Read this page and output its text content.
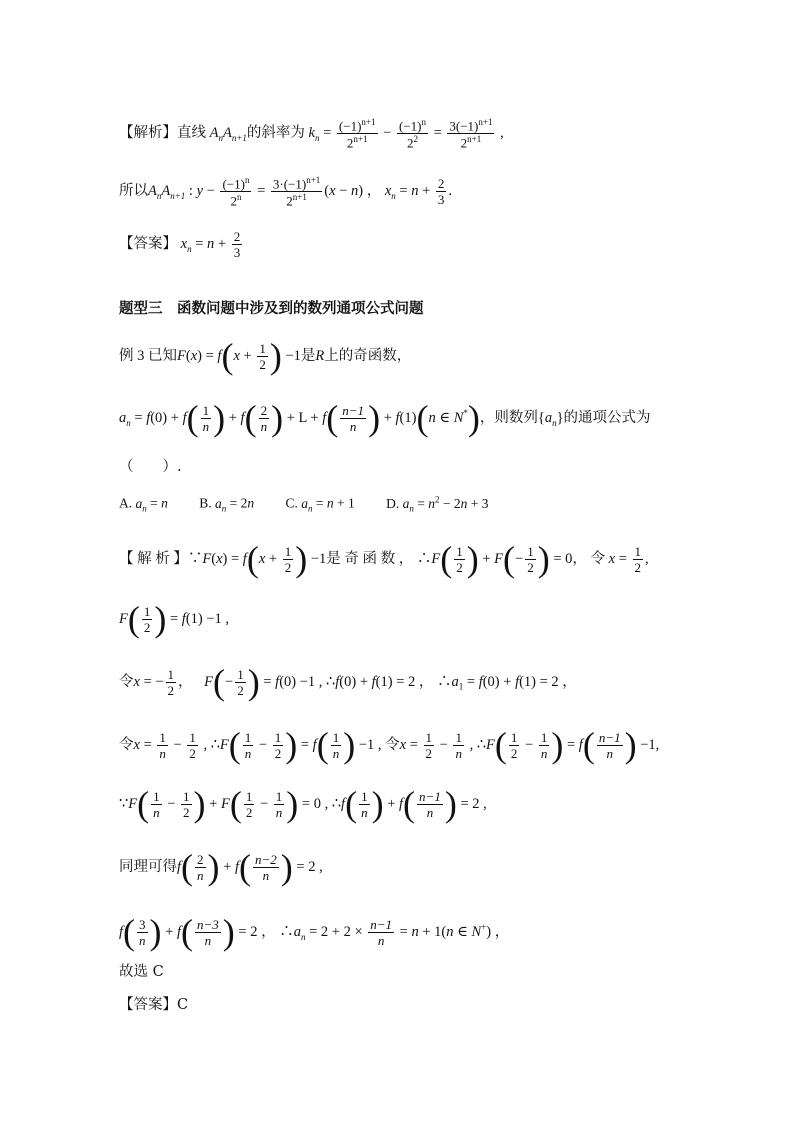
【解析】直线 $A_nA_{n+1}$的斜率为 $k_n = \frac{(-1)^{n+1}}{2^{n+1}} - \frac{(-1)^n}{2^2} = \frac{3(-1)^{n+1}}{2^{n+1}}$ ,
所以$A_nA_{n+1}$ : $y - \frac{(-1)^n}{2^n} = \frac{3\cdot(-1)^{n+1}}{2^{n+1}} (x - n)$ ， $x_n = n + \frac{2}{3}$ .
【答案】 $x_n = n + \frac{2}{3}$
题型三　函数问题中涉及到的数列通项公式问题
例 3 已知$F(x) = f(x + \frac{1}{2}$ ) −1是R上的奇函数，
$a_n = f(0) + f( \frac{1}{n}$ ) + $f( \frac{2}{n}$ ) + $L + f( \frac{n-1}{n}$ ) + f(1)(n ∈ N*)，则数列$\{a_n\}$的通项公式为
（　　）.
A. $a_n = n$ B. $a_n = 2n$ C. $a_n = n + 1$ D. $a_n = n^2 - 2n + 3$
【 解 析 】∵F(x) = $f(x + \frac{1}{2}$ ) −1是 奇 函 数 ， ∴F( $\frac{1}{2}$ ) + $F(- \frac{1}{2}$ ) = 0， 令 $x = \frac{1}{2}$ ,
$F( \frac{1}{2}$ ) = f(1) −1 ,
令x = − $\frac{1}{2}$ ， $F(- \frac{1}{2}$ ) = f(0) −1 , ∴f(0) + f(1) = 2 ， $\therefore a_1 = f(0) + f(1) = 2$ ，
令$x = \frac{1}{n} - \frac{1}{2}$ , ∴F( $\frac{1}{n} - \frac{1}{2}$ ) = $f( \frac{1}{n}$ ) −1 , 令$x = \frac{1}{2} - \frac{1}{n}$ , ∴F( $\frac{1}{2} - \frac{1}{n}$ ) = $f( \frac{n-1}{n}$ ) −1,
∵F( $\frac{1}{n} - \frac{1}{2}$ ) + $F( \frac{1}{2} - \frac{1}{n}$ ) = 0 , ∴f( $\frac{1}{n}$ ) + $f( \frac{n-1}{n}$ ) = 2 ,
同理可得$f( \frac{2}{n}$ ) + $f( \frac{n-2}{n}$ ) = 2 ,
$f( \frac{3}{n}$ ) + $f( \frac{n-3}{n}$ ) = 2 ， $\therefore a_n = 2 + 2 \times \frac{n-1}{n} = n + 1(n$ ∈ N+) ，
故选 C
【答案】C
